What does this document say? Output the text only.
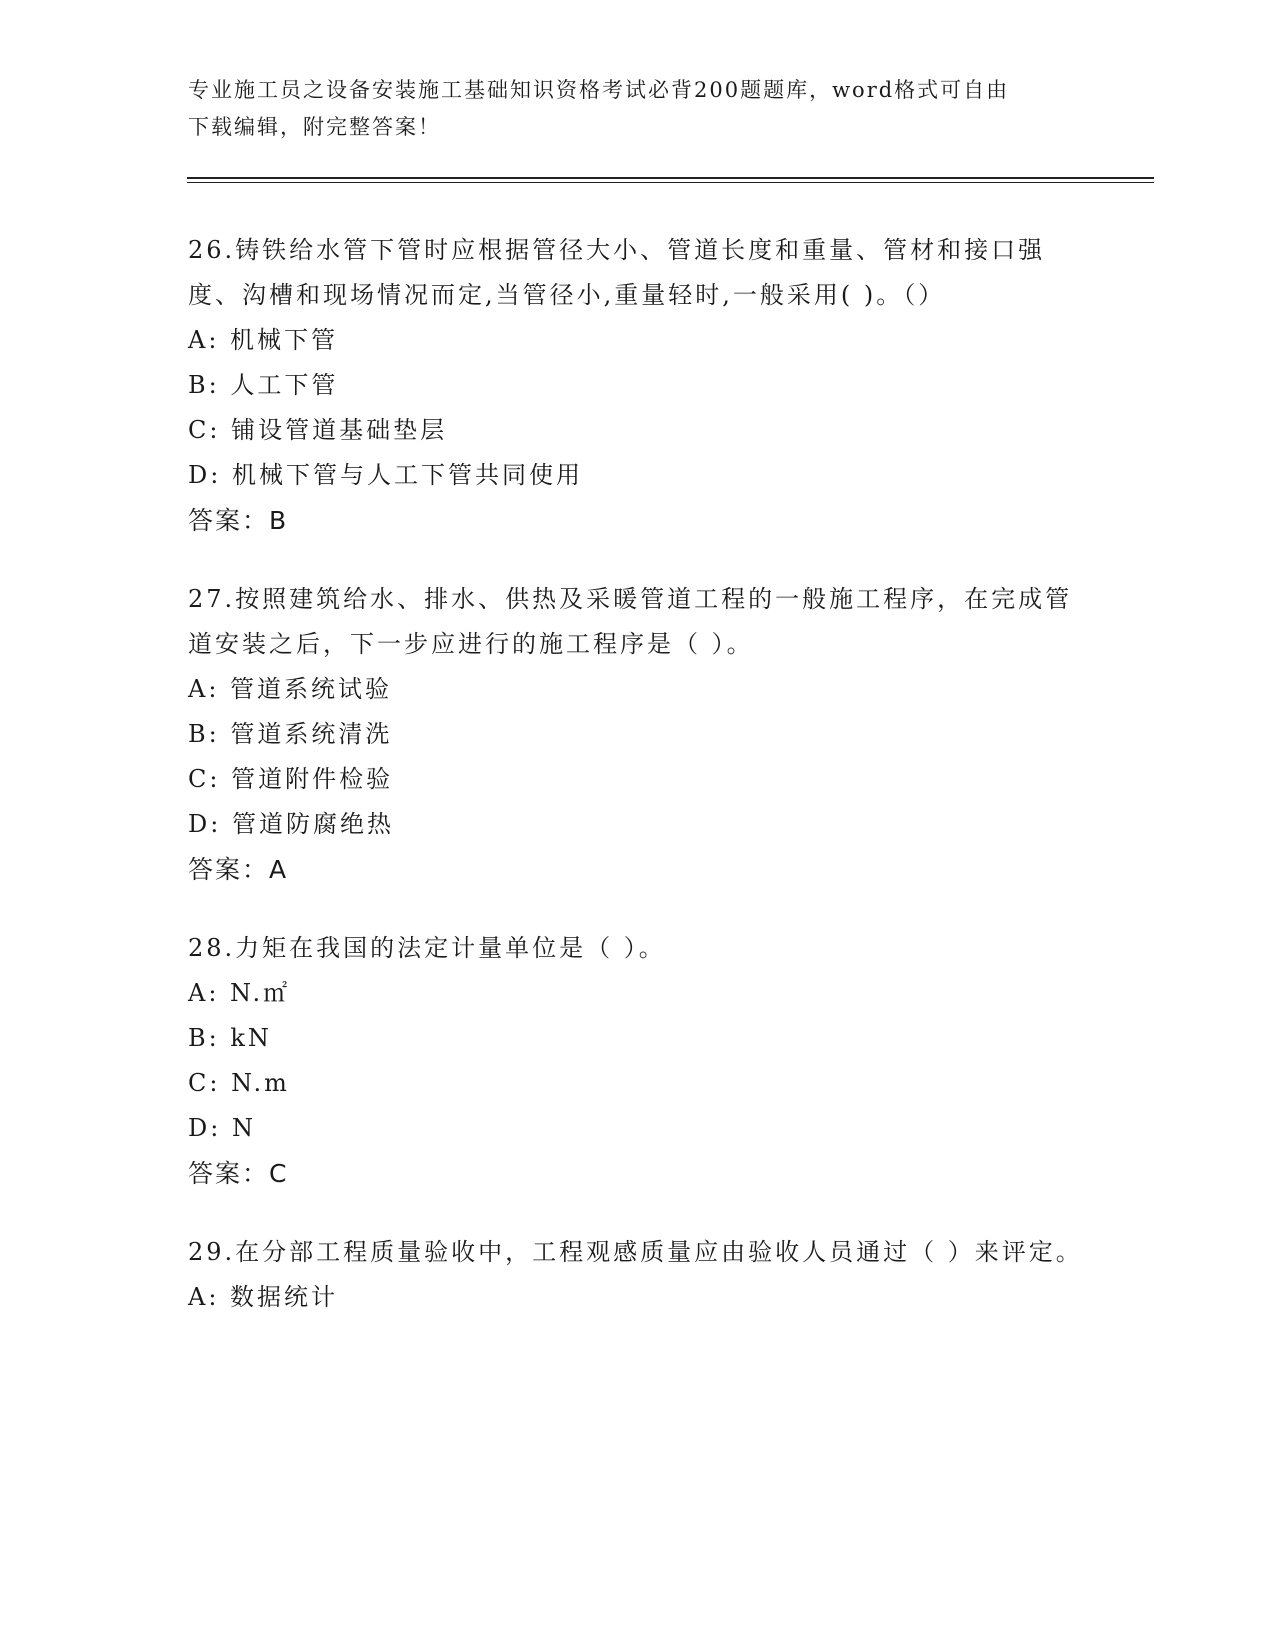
专业施工员之设备安装施工基础知识资格考试必背200题题库，word格式可自由
下载编辑，附完整答案！

26.铸铁给水管下管时应根据管径大小、管道长度和重量、管材和接口强度、沟槽和现场情况而定,当管径小,重量轻时,一般采用( )。（）

A: 机械下管

B: 人工下管

C: 铺设管道基础垫层

D: 机械下管与人工下管共同使用

答案：B

27.按照建筑给水、排水、供热及采暖管道工程的一般施工程序，在完成管道安装之后，下一步应进行的施工程序是（ ）。

A: 管道系统试验

B: 管道系统清洗

C: 管道附件检验

D: 管道防腐绝热

答案：A

28.力矩在我国的法定计量单位是（ ）。

A: N.㎡

B: kN

C: N.m

D: N

答案：C

29.在分部工程质量验收中，工程观感质量应由验收人员通过（ ）来评定。

A: 数据统计
